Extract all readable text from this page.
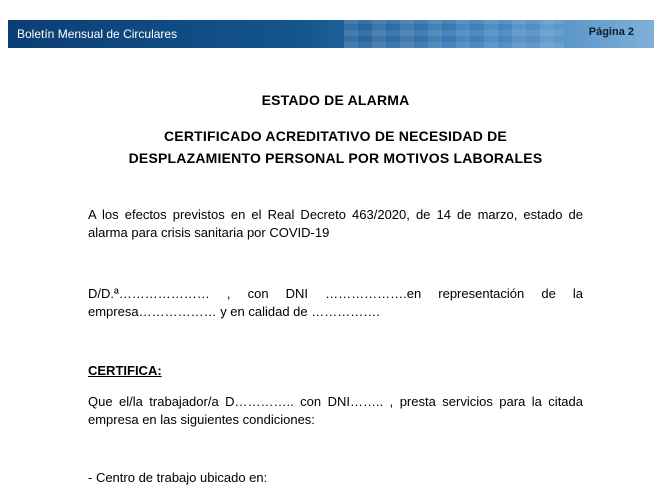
Boletín Mensual de Circulares	Página 2
ESTADO DE ALARMA
CERTIFICADO ACREDITATIVO DE NECESIDAD DE
DESPLAZAMIENTO PERSONAL POR MOTIVOS LABORALES
A los efectos previstos en el Real Decreto 463/2020, de 14 de marzo, estado de
alarma para crisis sanitaria por COVID-19
D/D.ª………………… , con DNI ……………….en representación de la
empresa……………… y en calidad de …………….
CERTIFICA:
Que el/la trabajador/a D………….. con DNI…….. , presta servicios para la citada
empresa en las siguientes condiciones:
- Centro de trabajo ubicado en:
